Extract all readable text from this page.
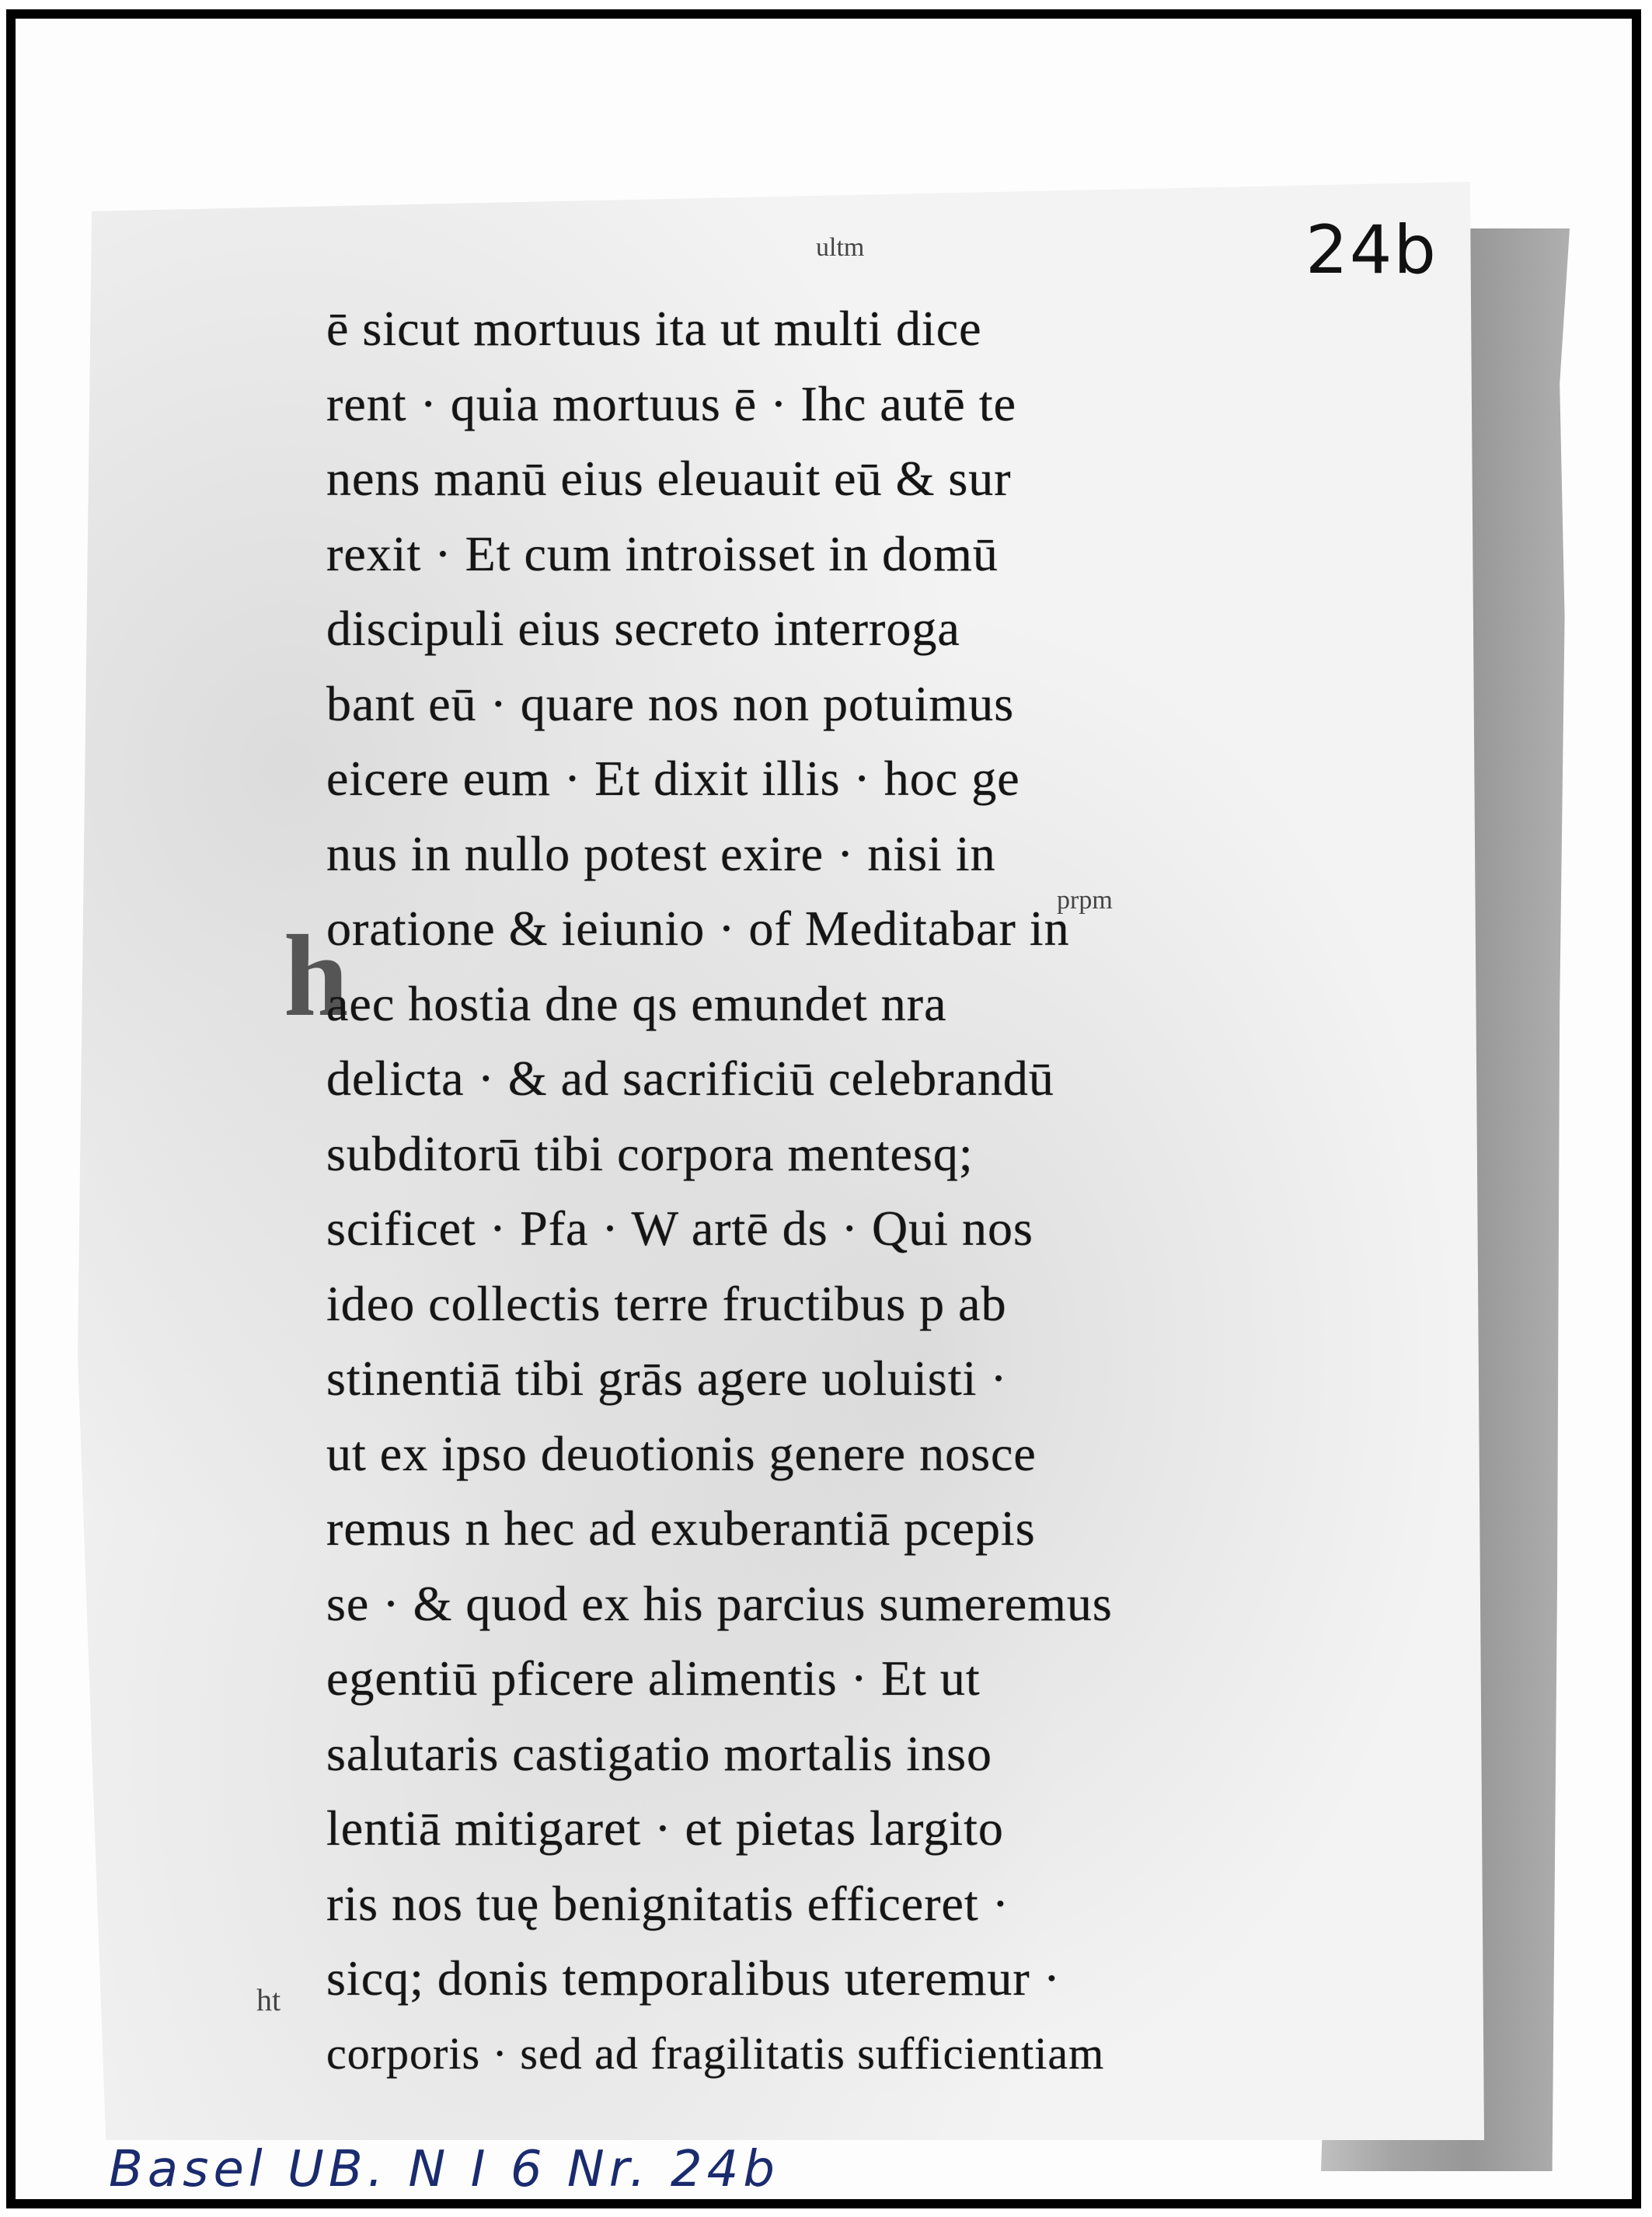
24b
ultm
prpm
ht
h
ē sicut mortuus ita ut multi dice
rent · quia mortuus ē · Ihc autē te
nens manū eius eleuauit eū & sur
rexit · Et cum introisset in domū
discipuli eius secreto interroga
bant eū · quare nos non potuimus
eicere eum · Et dixit illis · hoc ge
nus in nullo potest exire · nisi in
oratione & ieiunio · of Meditabar in
aec hostia dne qs emundet nra
delicta · & ad sacrificiū celebrandū
subditorū tibi corpora mentesq;
scificet · Pfa · W artē ds · Qui nos
ideo collectis terre fructibus p ab
stinentiā tibi grās agere uoluisti ·
ut ex ipso deuotionis genere nosce
remus n hec ad exuberantiā pcepis
se · & quod ex his parcius sumeremus
egentiū pficere alimentis · Et ut
salutaris castigatio mortalis inso
lentiā mitigaret · et pietas largito
ris nos tuę benignitatis efficeret ·
sicq; donis temporalibus uteremur ·
corporis · sed ad fragilitatis sufficientiam
Basel UB. N I 6 Nr. 24b
